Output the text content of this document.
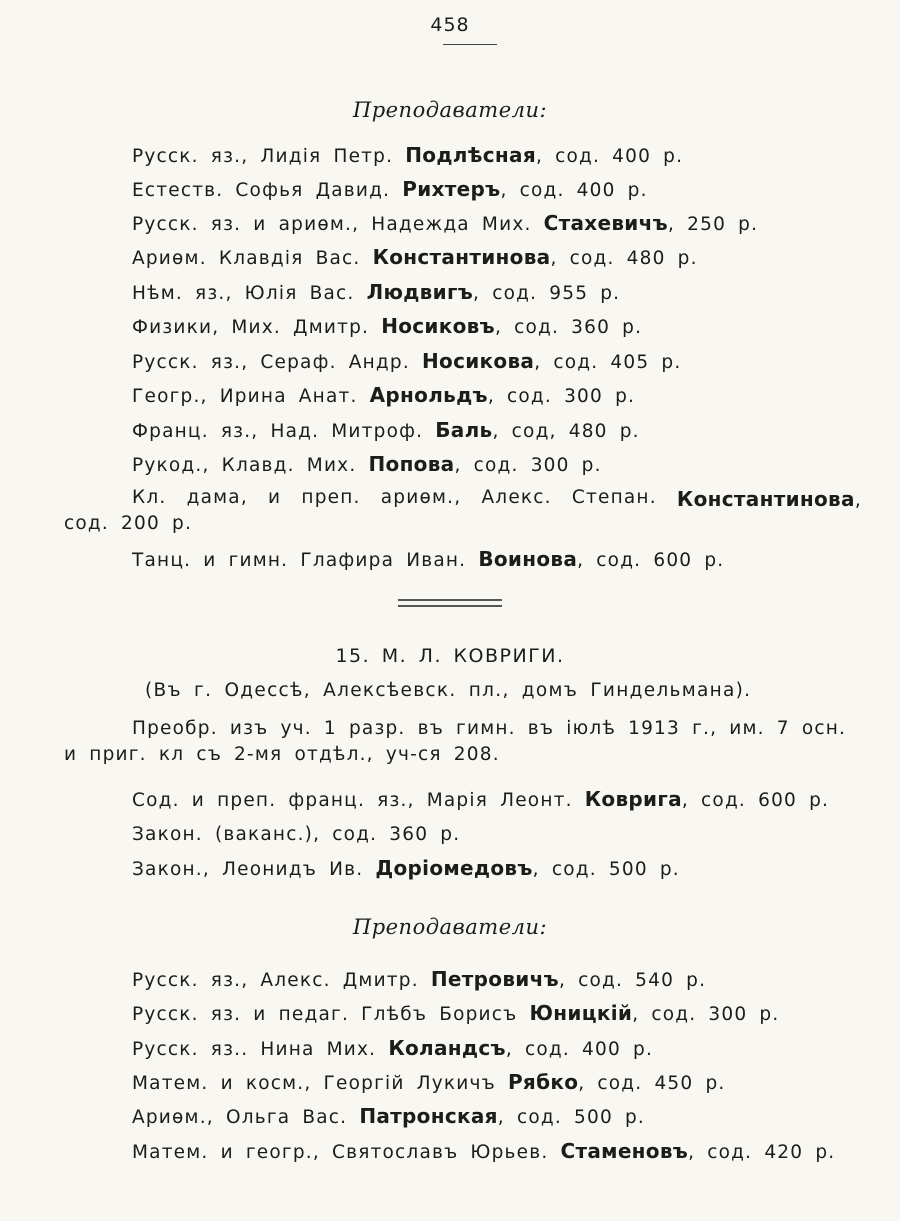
458
Преподаватели:
Русск. яз., Лидія Петр. Подлѣсная, сод. 400 р.
Естеств. Софья Давид. Рихтеръ, сод. 400 р.
Русск. яз. и ариѳм., Надежда Мих. Стахевичъ, 250 р.
Ариѳм. Клавдія Вас. Константинова, сод. 480 р.
Нѣм. яз., Юлія Вас. Людвигъ, сод. 955 р.
Физики, Мих. Дмитр. Носиковъ, сод. 360 р.
Русск. яз., Сераф. Андр. Носикова, сод. 405 р.
Геогр., Ирина Анат. Арнольдъ, сод. 300 р.
Франц. яз., Над. Митроф. Баль, сод, 480 р.
Рукод., Клавд. Мих. Попова, сод. 300 р.
Кл. дама, и преп. ариѳм., Алекс. Степан. Константинова,
сод. 200 р.
Танц. и гимн. Глафира Иван. Воинова, сод. 600 р.
15. М. Л. КОВРИГИ.
(Въ г. Одессѣ, Алексѣевск. пл., домъ Гиндельмана).
Преобр. изъ уч. 1 разр. въ гимн. въ іюлѣ 1913 г., им. 7 осн.
и приг. кл съ 2-мя отдѣл., уч-ся 208.
Сод. и преп. франц. яз., Марія Леонт. Коврига, сод. 600 р.
Закон. (ваканс.), сод. 360 р.
Закон., Леонидъ Ив. Доріомедовъ, сод. 500 р.
Преподаватели:
Русск. яз., Алекс. Дмитр. Петровичъ, сод. 540 р.
Русск. яз. и педаг. Глѣбъ Борисъ Юницкій, сод. 300 р.
Русск. яз.. Нина Мих. Коландсъ, сод. 400 р.
Матем. и косм., Георгій Лукичъ Рябко, сод. 450 р.
Ариѳм., Ольга Вас. Патронская, сод. 500 р.
Матем. и геогр., Святославъ Юрьев. Стаменовъ, сод. 420 р.
